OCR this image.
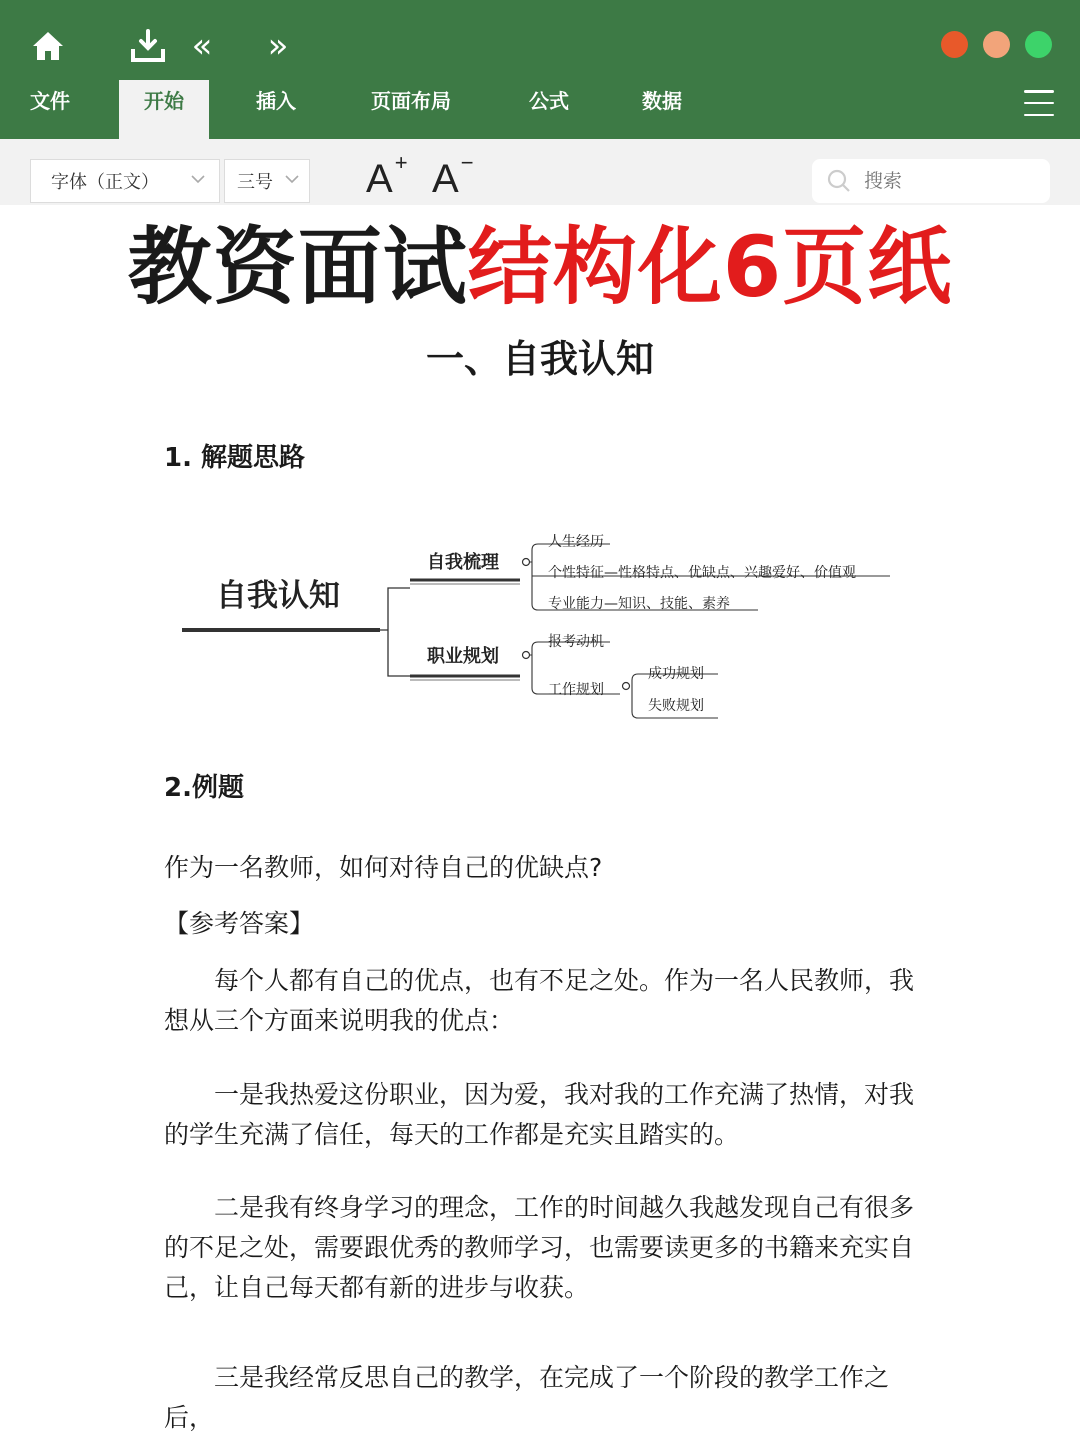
« »
文件	开始	插入	页面布局	公式	数据
字体（正文）	三号 A+ A−
搜索
教资面试结构化6页纸
一、自我认知
1. 解题思路
自我认知
自我梳理
职业规划
人生经历
个性特征—性格特点、优缺点、兴趣爱好、价值观
专业能力—知识、技能、素养
报考动机
工作规划
成功规划
失败规划
2.例题
作为一名教师，如何对待自己的优缺点?
【参考答案】
每个人都有自己的优点，也有不足之处。作为一名人民教师，我想从三个方面来说明我的优点：
一是我热爱这份职业，因为爱，我对我的工作充满了热情，对我的学生充满了信任，每天的工作都是充实且踏实的。
二是我有终身学习的理念，工作的时间越久我越发现自己有很多的不足之处，需要跟优秀的教师学习，也需要读更多的书籍来充实自己，让自己每天都有新的进步与收获。
三是我经常反思自己的教学，在完成了一个阶段的教学工作之后，
